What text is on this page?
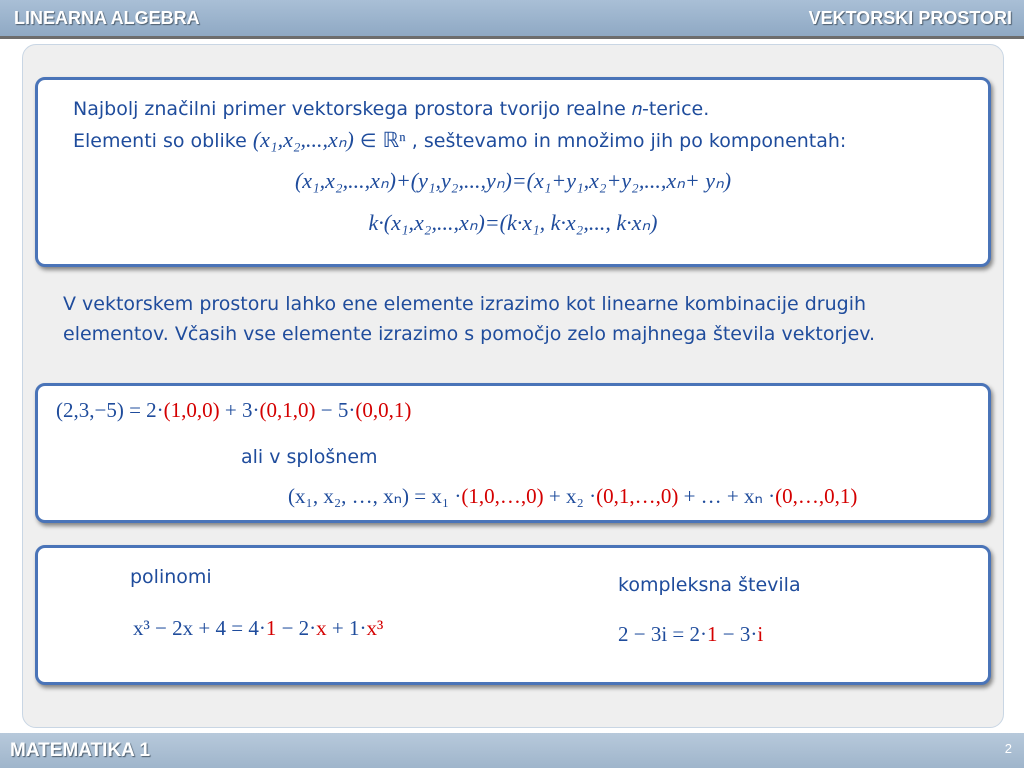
LINEARNA ALGEBRA	VEKTORSKI PROSTORI
Najbolj značilni primer vektorskega prostora tvorijo realne 𝑛-terice.
Elementi so oblike (x₁,x₂,...,xₙ) ∈ ℝⁿ , seštevamo in množimo jih po komponentah:
(x₁,x₂,...,xₙ)+(y₁,y₂,...,yₙ)=(x₁+y₁,x₂+y₂,...,xₙ+ yₙ)
k·(x₁,x₂,...,xₙ)=(k·x₁, k·x₂,..., k·xₙ)
V vektorskem prostoru lahko ene elemente izrazimo kot linearne kombinacije drugih
elementov. Včasih vse elemente izrazimo s pomočjo zelo majhnega števila vektorjev.
(2,3,−5) = 2·(1,0,0) + 3·(0,1,0) − 5·(0,0,1)
ali v splošnem
(x₁, x₂, …, xₙ) = x₁ ·(1,0,…,0) + x₂ ·(0,1,…,0) + … + xₙ ·(0,…,0,1)
polinomi
x³ − 2x + 4 = 4·1 − 2·x + 1·x³
kompleksna števila
2 − 3i = 2·1 − 3·i
MATEMATIKA 1	2
